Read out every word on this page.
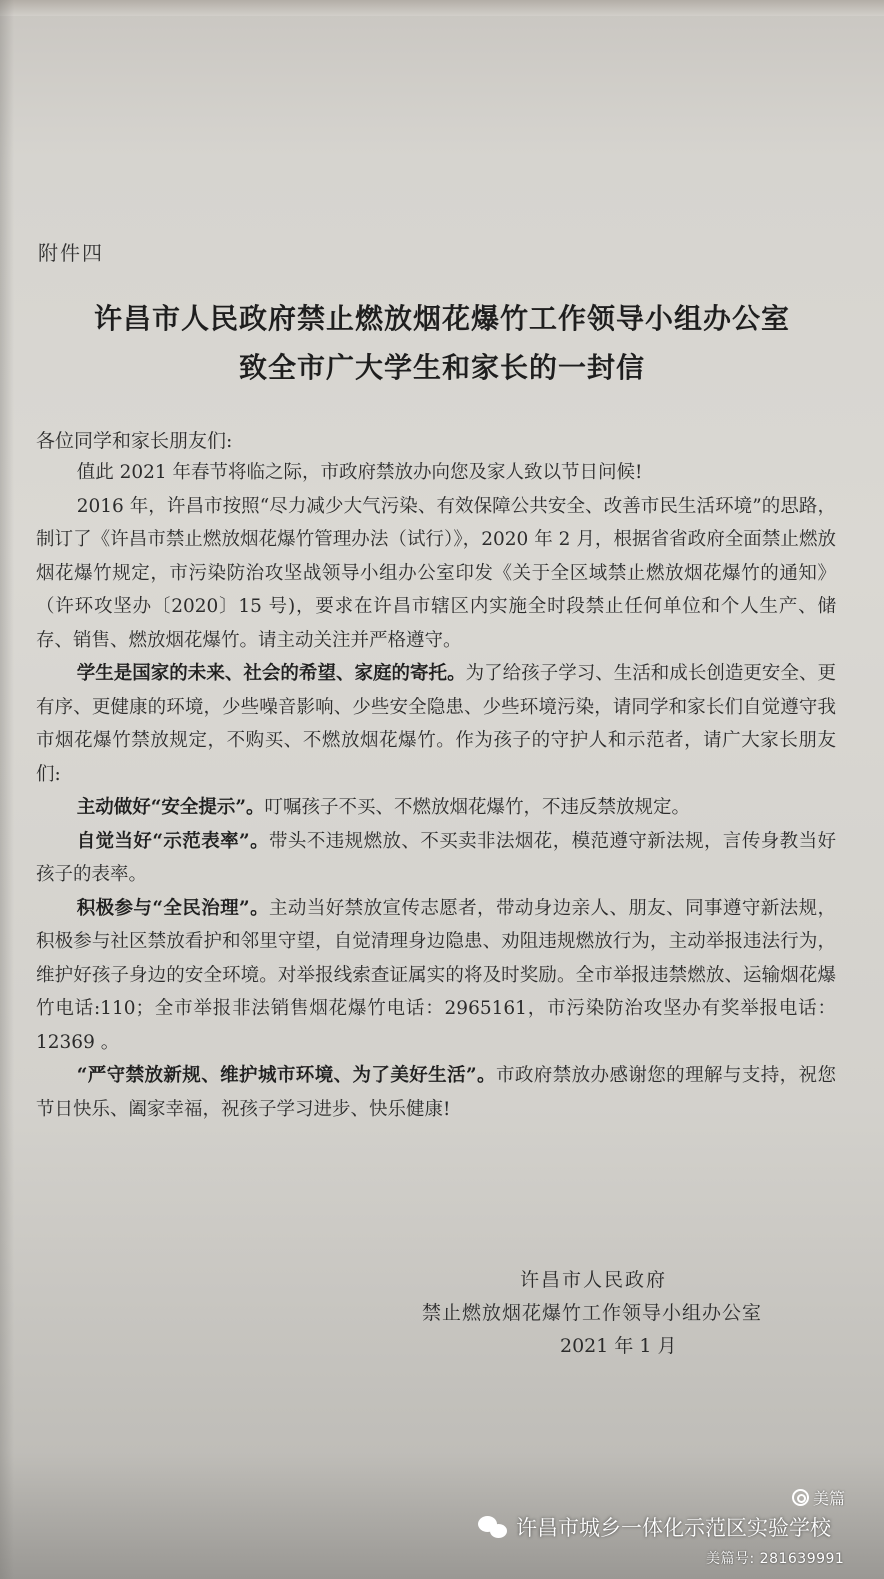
附件四
许昌市人民政府禁止燃放烟花爆竹工作领导小组办公室
致全市广大学生和家长的一封信
各位同学和家长朋友们:

值此 2021 年春节将临之际，市政府禁放办向您及家人致以节日问候!

2016 年，许昌市按照“尽力减少大气污染、有效保障公共安全、改善市民生活环境”的思路，制订了《许昌市禁止燃放烟花爆竹管理办法（试行）》，2020 年 2 月，根据省省政府全面禁止燃放烟花爆竹规定，市污染防治攻坚战领导小组办公室印发《关于全区域禁止燃放烟花爆竹的通知》（许环攻坚办〔2020〕15 号)，要求在许昌市辖区内实施全时段禁止任何单位和个人生产、储存、销售、燃放烟花爆竹。请主动关注并严格遵守。

学生是国家的未来、社会的希望、家庭的寄托。为了给孩子学习、生活和成长创造更安全、更有序、更健康的环境，少些噪音影响、少些安全隐患、少些环境污染，请同学和家长们自觉遵守我市烟花爆竹禁放规定，不购买、不燃放烟花爆竹。作为孩子的守护人和示范者，请广大家长朋友们:

主动做好“安全提示”。叮嘱孩子不买、不燃放烟花爆竹，不违反禁放规定。

自觉当好“示范表率”。带头不违规燃放、不买卖非法烟花，模范遵守新法规，言传身教当好孩子的表率。

积极参与“全民治理”。主动当好禁放宣传志愿者，带动身边亲人、朋友、同事遵守新法规，积极参与社区禁放看护和邻里守望，自觉清理身边隐患、劝阻违规燃放行为，主动举报违法行为，维护好孩子身边的安全环境。对举报线索查证属实的将及时奖励。全市举报违禁燃放、运输烟花爆竹电话:110；全市举报非法销售烟花爆竹电话：2965161，市污染防治攻坚办有奖举报电话：12369 。

“严守禁放新规、维护城市环境、为了美好生活”。市政府禁放办感谢您的理解与支持，祝您节日快乐、阖家幸福，祝孩子学习进步、快乐健康!

许昌市人民政府
禁止燃放烟花爆竹工作领导小组办公室
2021 年 1 月
美篇
许昌市城乡一体化示范区实验学校
美篇号: 281639991
